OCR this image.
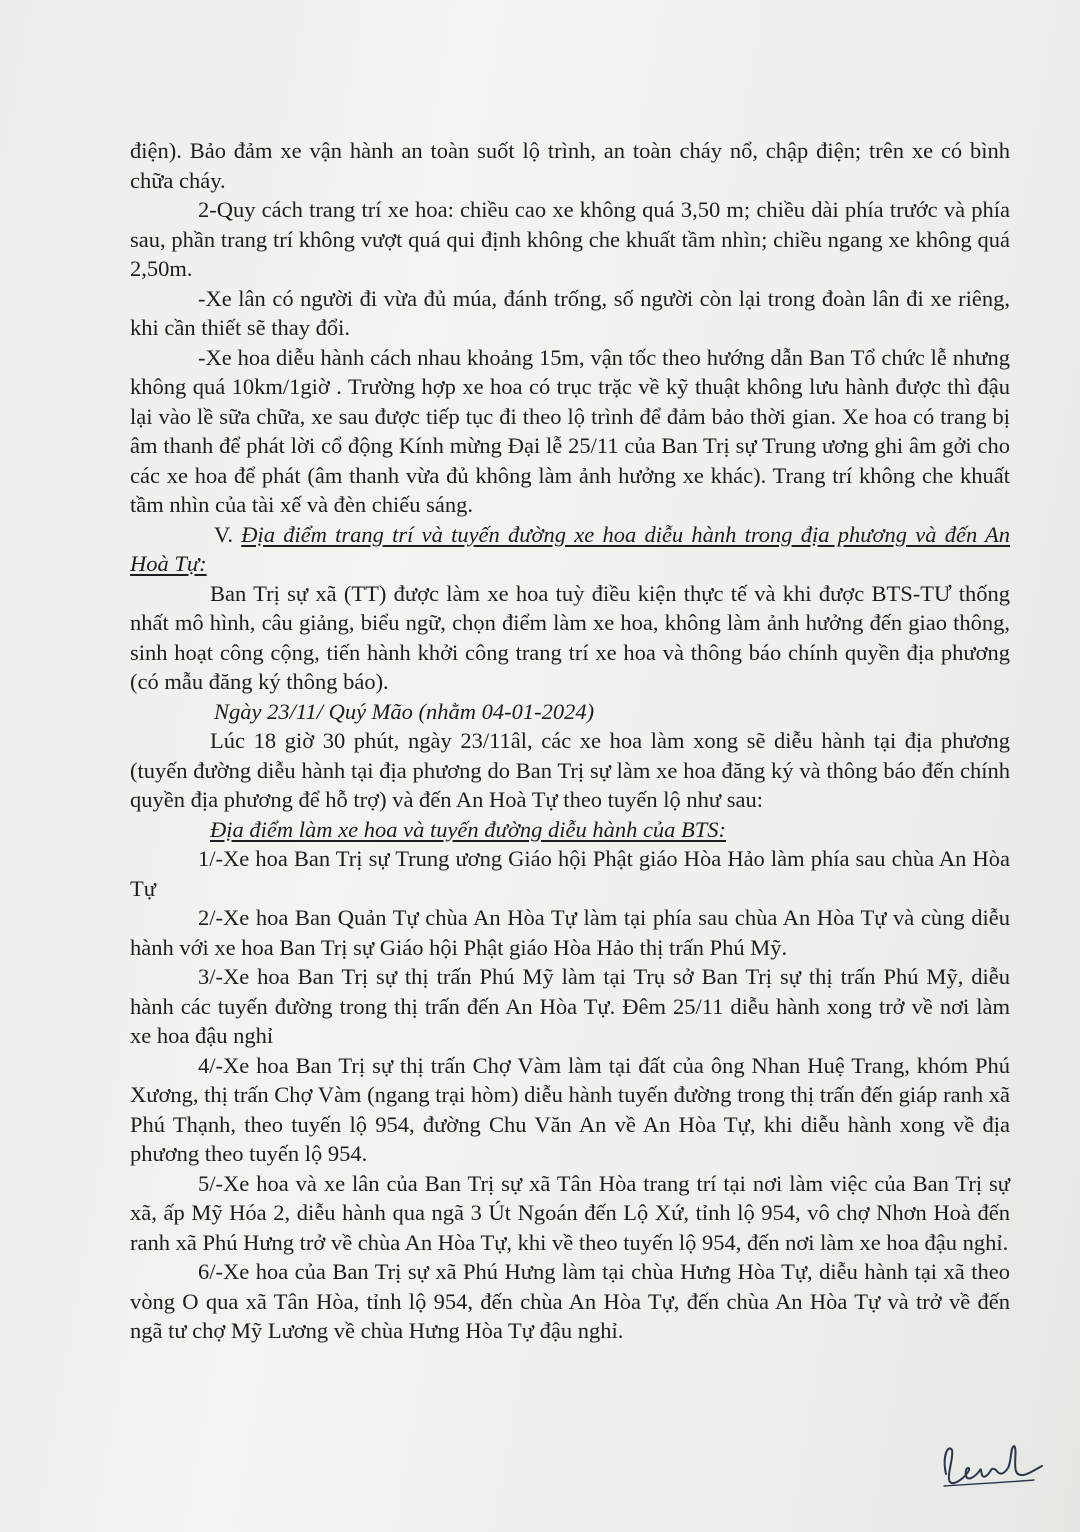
điện). Bảo đảm xe vận hành an toàn suốt lộ trình, an toàn cháy nổ, chập điện; trên xe có bình chữa cháy.

2-Quy cách trang trí xe hoa: chiều cao xe không quá 3,50 m; chiều dài phía trước và phía sau, phần trang trí không vượt quá qui định không che khuất tầm nhìn; chiều ngang xe không quá 2,50m.

-Xe lân có người đi vừa đủ múa, đánh trống, số người còn lại trong đoàn lân đi xe riêng, khi cần thiết sẽ thay đổi.

-Xe hoa diễu hành cách nhau khoảng 15m, vận tốc theo hướng dẫn Ban Tổ chức lễ nhưng không quá 10km/1giờ . Trường hợp xe hoa có trục trặc về kỹ thuật không lưu hành được thì đậu lại vào lề sữa chữa, xe sau được tiếp tục đi theo lộ trình để đảm bảo thời gian. Xe hoa có trang bị âm thanh để phát lời cổ động Kính mừng Đại lễ 25/11 của Ban Trị sự Trung ương ghi âm gởi cho các xe hoa để phát (âm thanh vừa đủ không làm ảnh hưởng xe khác). Trang trí không che khuất tầm nhìn của tài xế và đèn chiếu sáng.

V. Địa điểm trang trí và tuyến đường xe hoa diễu hành trong địa phương và đến An Hoà Tự:

Ban Trị sự xã (TT) được làm xe hoa tuỳ điều kiện thực tế và khi được BTS-TƯ thống nhất mô hình, câu giảng, biểu ngữ, chọn điểm làm xe hoa, không làm ảnh hưởng đến giao thông, sinh hoạt công cộng, tiến hành khởi công trang trí xe hoa và thông báo chính quyền địa phương (có mẫu đăng ký thông báo).

Ngày 23/11/ Quý Mão (nhằm 04-01-2024)

Lúc 18 giờ 30 phút, ngày 23/11âl, các xe hoa làm xong sẽ diễu hành tại địa phương (tuyến đường diễu hành tại địa phương do Ban Trị sự làm xe hoa đăng ký và thông báo đến chính quyền địa phương để hỗ trợ) và đến An Hoà Tự theo tuyến lộ như sau:

Địa điểm làm xe hoa và tuyến đường diễu hành của BTS:

1/-Xe hoa Ban Trị sự Trung ương Giáo hội Phật giáo Hòa Hảo làm phía sau chùa An Hòa Tự

2/-Xe hoa Ban Quản Tự chùa An Hòa Tự làm tại phía sau chùa An Hòa Tự và cùng diễu hành với xe hoa Ban Trị sự Giáo hội Phật giáo Hòa Hảo thị trấn Phú Mỹ.

3/-Xe hoa Ban Trị sự thị trấn Phú Mỹ làm tại Trụ sở Ban Trị sự thị trấn Phú Mỹ, diễu hành các tuyến đường trong thị trấn đến An Hòa Tự. Đêm 25/11 diễu hành xong trở về nơi làm xe hoa đậu nghỉ

4/-Xe hoa Ban Trị sự thị trấn Chợ Vàm làm tại đất của ông Nhan Huệ Trang, khóm Phú Xương, thị trấn Chợ Vàm (ngang trại hòm) diễu hành tuyến đường trong thị trấn đến giáp ranh xã Phú Thạnh, theo tuyến lộ 954, đường Chu Văn An về An Hòa Tự, khi diễu hành xong về địa phương theo tuyến lộ 954.

5/-Xe hoa và xe lân của Ban Trị sự xã Tân Hòa trang trí tại nơi làm việc của Ban Trị sự xã, ấp Mỹ Hóa 2, diễu hành qua ngã 3 Út Ngoán đến Lộ Xứ, tỉnh lộ 954, vô chợ Nhơn Hoà đến ranh xã Phú Hưng trở về chùa An Hòa Tự, khi về theo tuyến lộ 954, đến nơi làm xe hoa đậu nghỉ.

6/-Xe hoa của Ban Trị sự xã Phú Hưng làm tại chùa Hưng Hòa Tự, diễu hành tại xã theo vòng O qua xã Tân Hòa, tỉnh lộ 954, đến chùa An Hòa Tự, đến chùa An Hòa Tự và trở về đến ngã tư chợ Mỹ Lương về chùa Hưng Hòa Tự đậu nghỉ.
